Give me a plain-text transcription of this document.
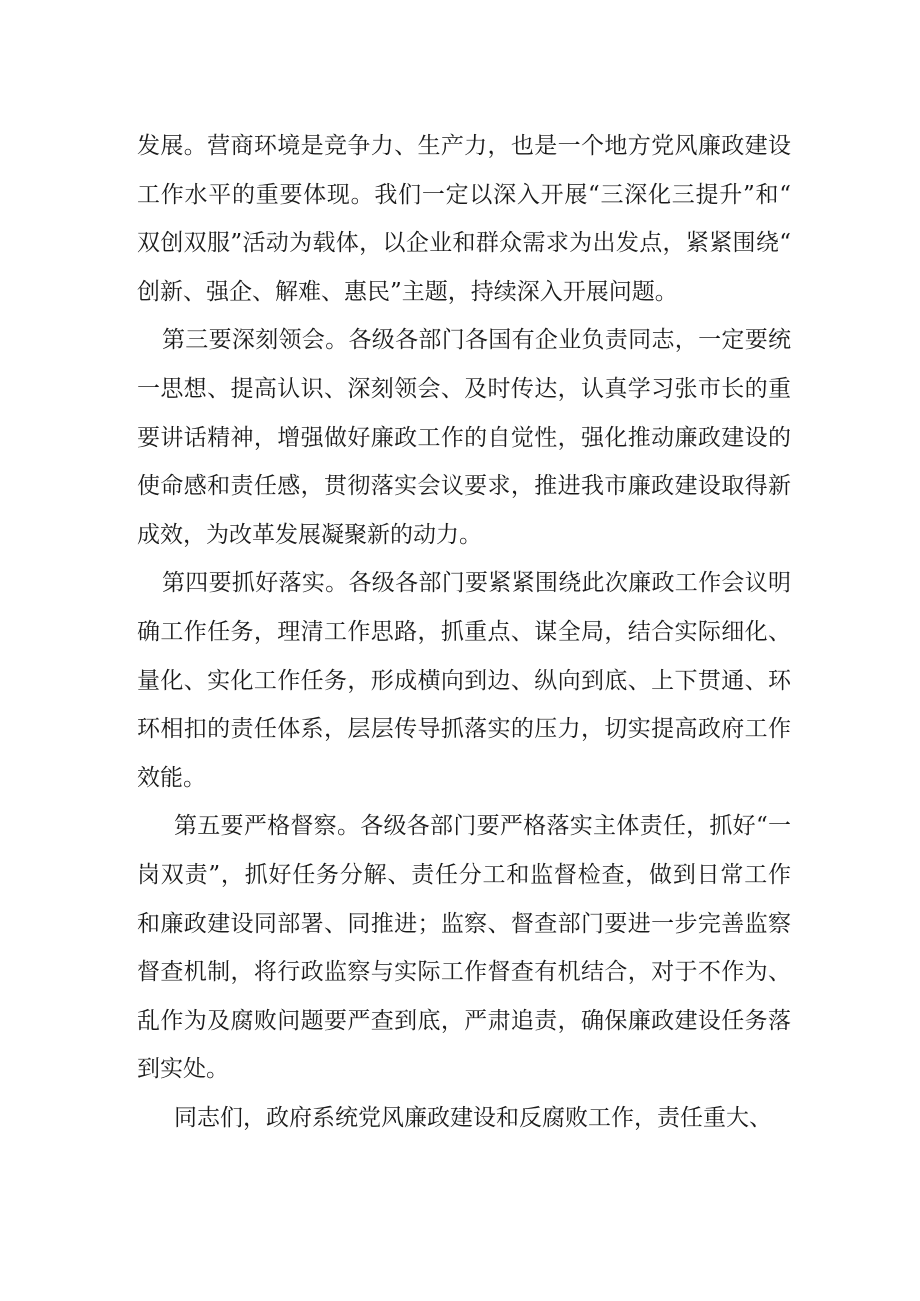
发展。营商环境是竞争力、生产力，也是一个地方党风廉政建设工作水平的重要体现。我们一定以深入开展“三深化三提升”和“双创双服”活动为载体，以企业和群众需求为出发点，紧紧围绕“创新、强企、解难、惠民”主题，持续深入开展问题。

第三要深刻领会。各级各部门各国有企业负责同志，一定要统一思想、提高认识、深刻领会、及时传达，认真学习张市长的重要讲话精神，增强做好廉政工作的自觉性，强化推动廉政建设的使命感和责任感，贯彻落实会议要求，推进我市廉政建设取得新成效，为改革发展凝聚新的动力。

第四要抓好落实。各级各部门要紧紧围绕此次廉政工作会议明确工作任务，理清工作思路，抓重点、谋全局，结合实际细化、量化、实化工作任务，形成横向到边、纵向到底、上下贯通、环环相扣的责任体系，层层传导抓落实的压力，切实提高政府工作效能。

第五要严格督察。各级各部门要严格落实主体责任，抓好“一岗双责”，抓好任务分解、责任分工和监督检查，做到日常工作和廉政建设同部署、同推进；监察、督查部门要进一步完善监察督查机制，将行政监察与实际工作督查有机结合，对于不作为、乱作为及腐败问题要严查到底，严肃追责，确保廉政建设任务落到实处。

同志们，政府系统党风廉政建设和反腐败工作，责任重大、
